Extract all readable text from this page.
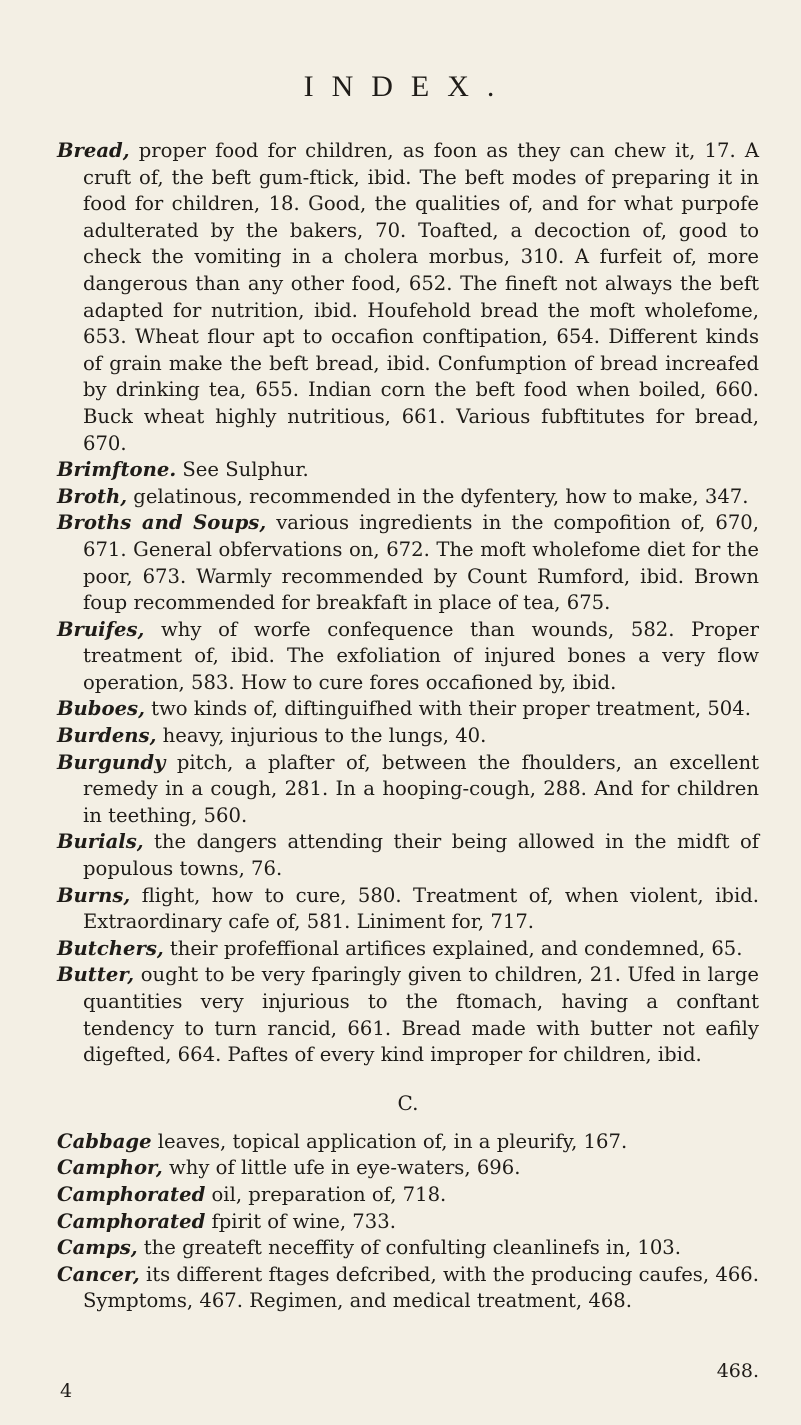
INDEX.

Bread, proper food for children, as foon as they can chew it, 17. A cruft of, the beft gum-ftick, ibid. The beft modes of preparing it in food for children, 18. Good, the qualities of, and for what purpofe adulterated by the bakers, 70. Toafted, a decoction of, good to check the vomiting in a cholera morbus, 310. A furfeit of, more dangerous than any other food, 652. The fineft not always the beft adapted for nutrition, ibid. Houfehold bread the moft wholefome, 653. Wheat flour apt to occafion conftipation, 654. Different kinds of grain make the beft bread, ibid. Confumption of bread increafed by drinking tea, 655. Indian corn the beft food when boiled, 660. Buck wheat highly nutritious, 661. Various fubftitutes for bread, 670.

Brimftone. See Sulphur.

Broth, gelatinous, recommended in the dyfentery, how to make, 347.

Broths and Soups, various ingredients in the compofition of, 670, 671. General obfervations on, 672. The moft wholefome diet for the poor, 673. Warmly recommended by Count Rumford, ibid. Brown foup recommended for breakfaft in place of tea, 675.

Bruifes, why of worfe confequence than wounds, 582. Proper treatment of, ibid. The exfoliation of injured bones a very flow operation, 583. How to cure fores occafioned by, ibid.

Buboes, two kinds of, diftinguifhed with their proper treatment, 504.

Burdens, heavy, injurious to the lungs, 40.

Burgundy pitch, a plafter of, between the fhoulders, an excellent remedy in a cough, 281. In a hooping-cough, 288. And for children in teething, 560.

Burials, the dangers attending their being allowed in the midft of populous towns, 76.

Burns, flight, how to cure, 580. Treatment of, when violent, ibid. Extraordinary cafe of, 581. Liniment for, 717.

Butchers, their profeffional artifices explained, and condemned, 65.

Butter, ought to be very fparingly given to children, 21. Ufed in large quantities very injurious to the ftomach, having a conftant tendency to turn rancid, 661. Bread made with butter not eafily digefted, 664. Paftes of every kind improper for children, ibid.

C.

Cabbage leaves, topical application of, in a pleurify, 167.

Camphor, why of little ufe in eye-waters, 696.

Camphorated oil, preparation of, 718.

Camphorated fpirit of wine, 733.

Camps, the greateft neceffity of confulting cleanlinefs in, 103.

Cancer, its different ftages defcribed, with the producing caufes, 466. Symptoms, 467. Regimen, and medical treatment, 468.

468.
4
